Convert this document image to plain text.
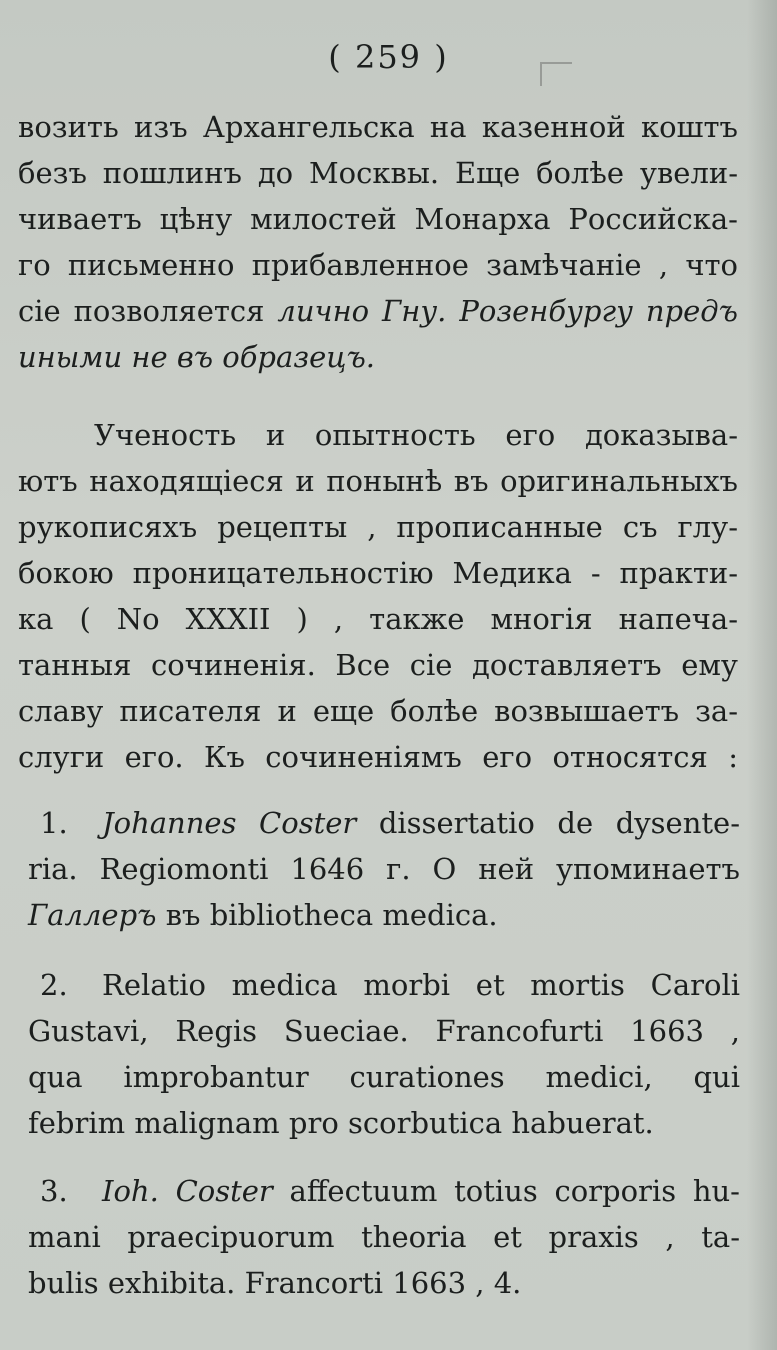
( 259 )
возить изъ Архангельска на казенной коштъ
безъ пошлинъ до Москвы. Еще болѣе увели-
чиваетъ цѣну милостей Монарха Российска-
го письменно прибавленное замѣчаніе , что
сіе позволяется лично Гну. Розенбургу предъ
иными не въ образецъ.
Ученость и опытность его доказыва-
ютъ находящіеся и понынѣ въ оригинальныхъ
рукописяхъ рецепты , прописанные съ глу-
бокою проницательностію Медика - практи-
ка ( No XXXII ) , также многія напеча-
танныя сочиненія. Все сіе доставляетъ ему
славу писателя и еще болѣе возвышаетъ за-
слуги его. Къ сочиненіямъ его относятся :
1. Johannes Coster dissertatio de dysente-
ria. Regiomonti 1646 г. О ней упоминаетъ
Галлеръ въ bibliotheca medica.
2. Relatio medica morbi et mortis Caroli
Gustavi, Regis Sueciae. Francofurti 1663 ,
qua improbantur curationes medici, qui
febrim malignam pro scorbutica habuerat.
3. Ioh. Coster affectuum totius corporis hu-
mani praecipuorum theoria et praxis , ta-
bulis exhibita. Francorti 1663 , 4.
